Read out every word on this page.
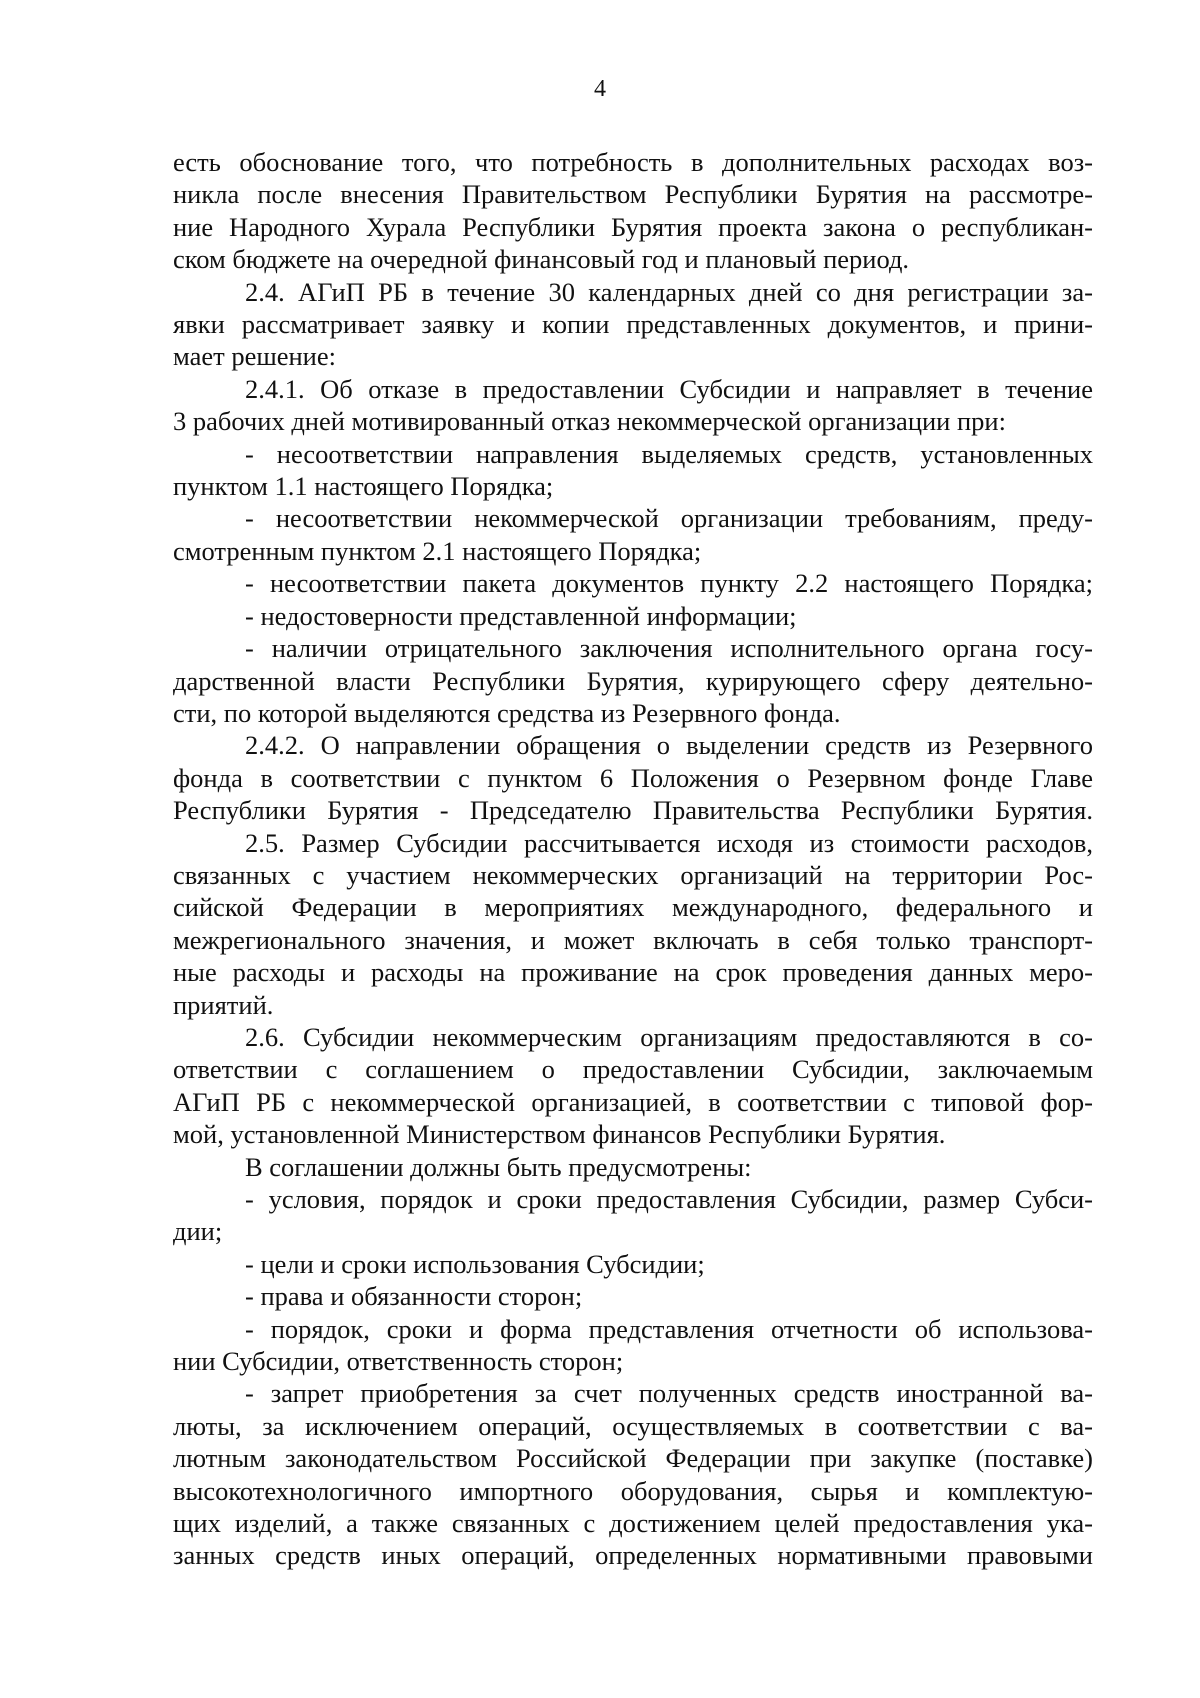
4
есть обоснование того, что потребность в дополнительных расходах воз-
никла после внесения Правительством Республики Бурятия на рассмотре-
ние Народного Хурала Республики Бурятия проекта закона о республикан-
ском бюджете на очередной финансовый год и плановый период.
2.4. АГиП РБ в течение 30 календарных дней со дня регистрации за-
явки рассматривает заявку и копии представленных документов, и прини-
мает решение:
2.4.1. Об отказе в предоставлении Субсидии и направляет в течение
3 рабочих дней мотивированный отказ некоммерческой организации при:
- несоответствии направления выделяемых средств, установленных
пунктом 1.1 настоящего Порядка;
- несоответствии некоммерческой организации требованиям, преду-
смотренным пунктом 2.1 настоящего Порядка;
- несоответствии пакета документов пункту 2.2 настоящего Порядка;
- недостоверности представленной информации;
- наличии отрицательного заключения исполнительного органа госу-
дарственной власти Республики Бурятия, курирующего сферу деятельно-
сти, по которой выделяются средства из Резервного фонда.
2.4.2. О направлении обращения о выделении средств из Резервного
фонда в соответствии с пунктом 6 Положения о Резервном фонде Главе
Республики Бурятия - Председателю Правительства Республики Бурятия.
2.5. Размер Субсидии рассчитывается исходя из стоимости расходов,
связанных с участием некоммерческих организаций на территории Рос-
сийской Федерации в мероприятиях международного, федерального и
межрегионального значения, и может включать в себя только транспорт-
ные расходы и расходы на проживание на срок проведения данных меро-
приятий.
2.6. Субсидии некоммерческим организациям предоставляются в со-
ответствии с соглашением о предоставлении Субсидии, заключаемым
АГиП РБ с некоммерческой организацией, в соответствии с типовой фор-
мой, установленной Министерством финансов Республики Бурятия.
В соглашении должны быть предусмотрены:
- условия, порядок и сроки предоставления Субсидии, размер Субси-
дии;
- цели и сроки использования Субсидии;
- права и обязанности сторон;
- порядок, сроки и форма представления отчетности об использова-
нии Субсидии, ответственность сторон;
- запрет приобретения за счет полученных средств иностранной ва-
люты, за исключением операций, осуществляемых в соответствии с ва-
лютным законодательством Российской Федерации при закупке (поставке)
высокотехнологичного импортного оборудования, сырья и комплектую-
щих изделий, а также связанных с достижением целей предоставления ука-
занных средств иных операций, определенных нормативными правовыми
